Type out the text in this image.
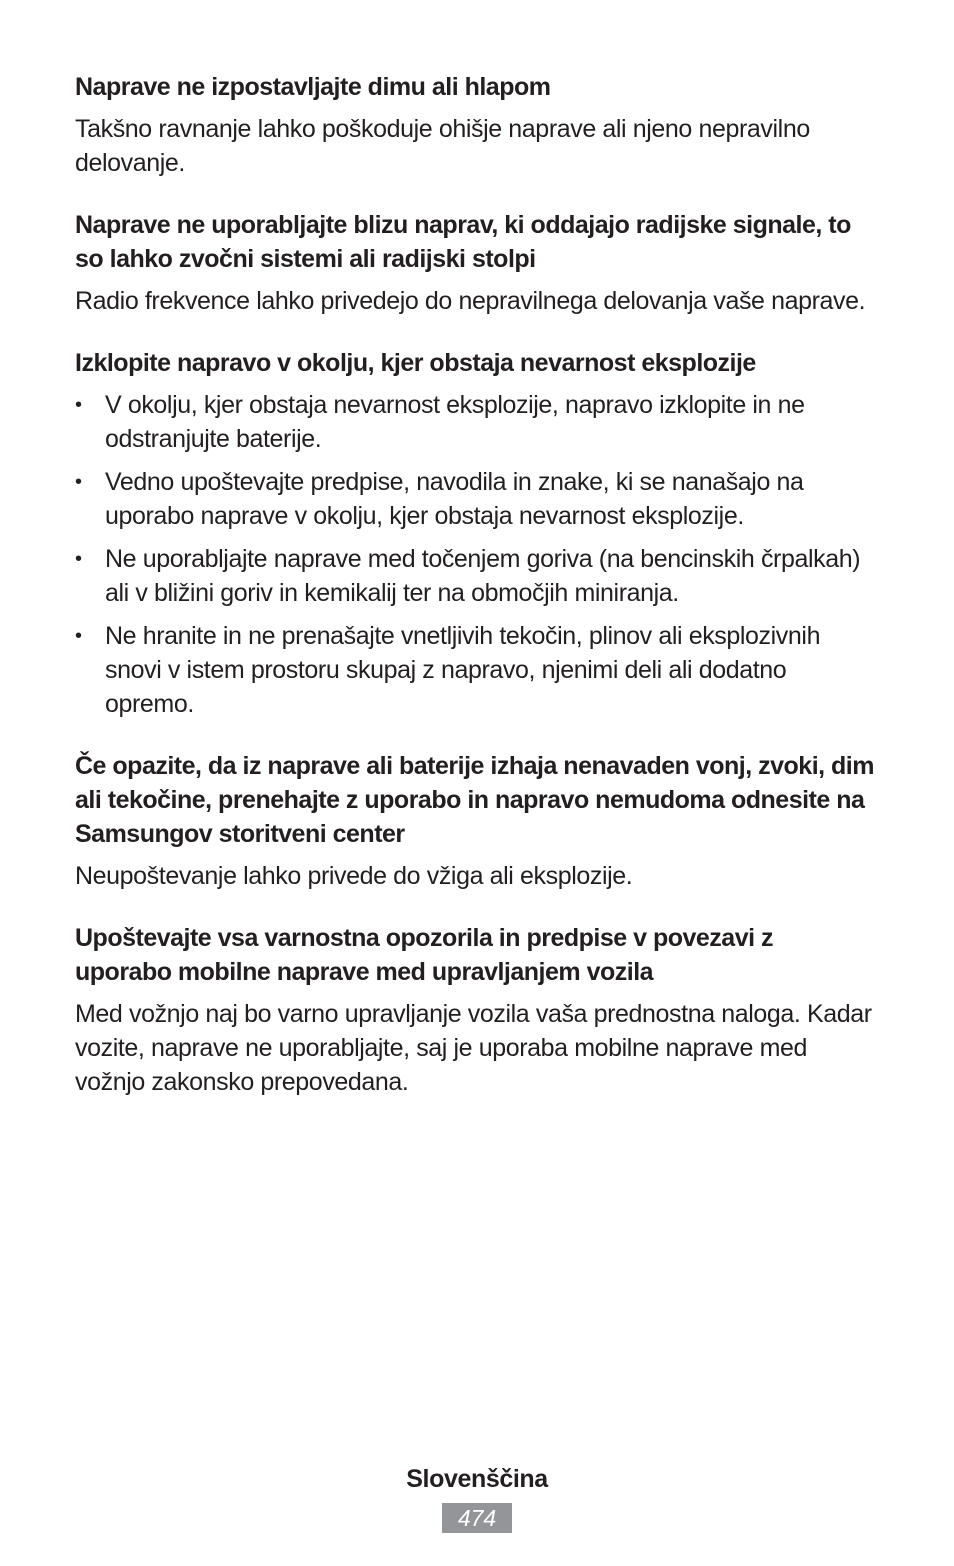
Naprave ne izpostavljajte dimu ali hlapom

Takšno ravnanje lahko poškoduje ohišje naprave ali njeno nepravilno delovanje.

Naprave ne uporabljajte blizu naprav, ki oddajajo radijske signale, to so lahko zvočni sistemi ali radijski stolpi

Radio frekvence lahko privedejo do nepravilnega delovanja vaše naprave.

Izklopite napravo v okolju, kjer obstaja nevarnost eksplozije

• V okolju, kjer obstaja nevarnost eksplozije, napravo izklopite in ne odstranjujte baterije.
• Vedno upoštevajte predpise, navodila in znake, ki se nanašajo na uporabo naprave v okolju, kjer obstaja nevarnost eksplozije.
• Ne uporabljajte naprave med točenjem goriva (na bencinskih črpalkah) ali v bližini goriv in kemikalij ter na območjih miniranja.
• Ne hranite in ne prenašajte vnetljivih tekočin, plinov ali eksplozivnih snovi v istem prostoru skupaj z napravo, njenimi deli ali dodatno opremo.

Če opazite, da iz naprave ali baterije izhaja nenavaden vonj, zvoki, dim ali tekočine, prenehajte z uporabo in napravo nemudoma odnesite na Samsungov storitveni center

Neupoštevanje lahko privede do vžiga ali eksplozije.

Upoštevajte vsa varnostna opozorila in predpise v povezavi z uporabo mobilne naprave med upravljanjem vozila

Med vožnjo naj bo varno upravljanje vozila vaša prednostna naloga. Kadar vozite, naprave ne uporabljajte, saj je uporaba mobilne naprave med vožnjo zakonsko prepovedana.

Slovenščina
474
